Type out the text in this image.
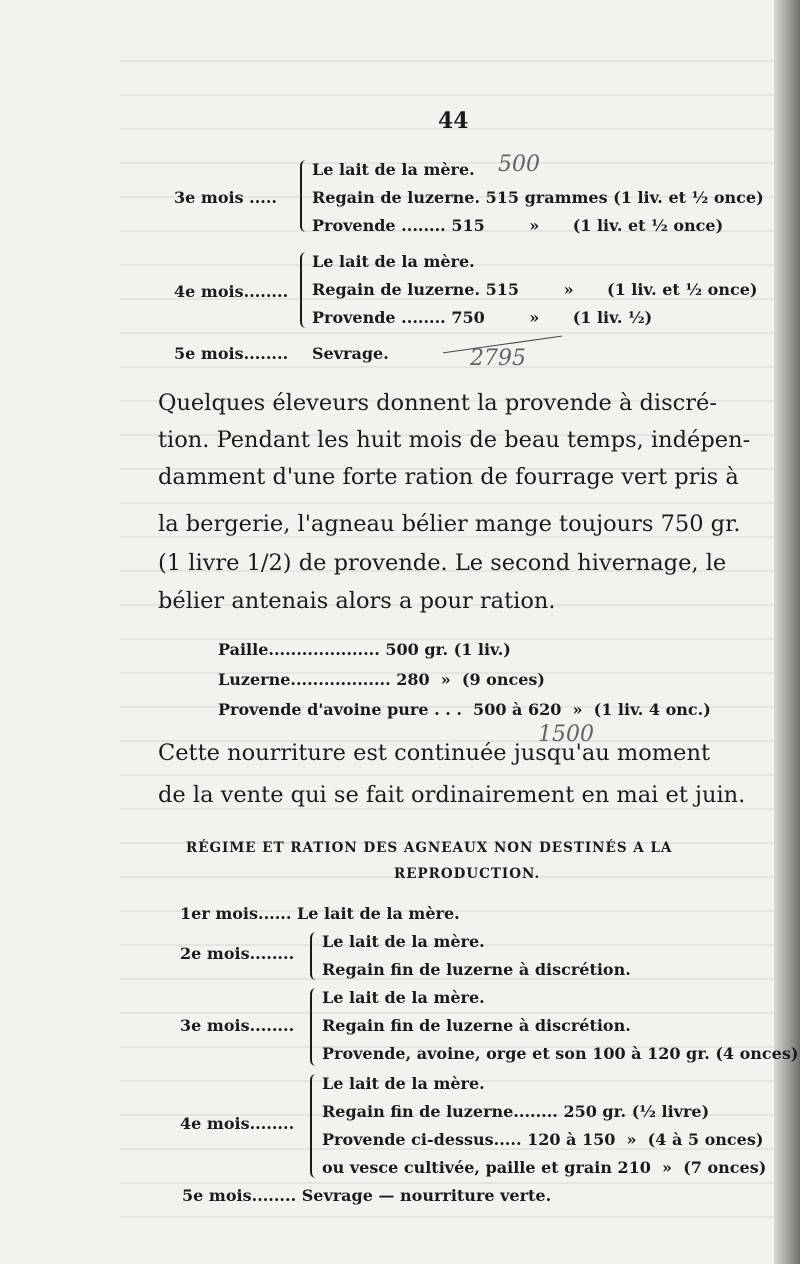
44
3e mois .....
Le lait de la mère.
Regain de luzerne. 515 grammes (1 liv. et ½ once)
Provende ........ 515        »      (1 liv. et ½ once)
4e mois........
Le lait de la mère.
Regain de luzerne. 515        »      (1 liv. et ½ once)
Provende ........ 750        »      (1 liv. ½)
5e mois........ Sevrage.
500
2795
Quelques éleveurs donnent la provende à discré-
tion. Pendant les huit mois de beau temps, indépen-
damment d'une forte ration de fourrage vert pris à
la bergerie, l'agneau bélier mange toujours 750 gr.
(1 livre 1/2) de provende. Le second hivernage, le
bélier antenais alors a pour ration.
Paille.................... 500 gr. (1 liv.)
Luzerne.................. 280  »  (9 onces)
Provende d'avoine pure . . .  500 à 620  »  (1 liv. 4 onc.)
1500
Cette nourriture est continuée jusqu'au moment
de la vente qui se fait ordinairement en mai et juin.
RÉGIME ET RATION DES AGNEAUX NON DESTINÉS A LA
REPRODUCTION.
1er mois...... Le lait de la mère.
2e mois........
Le lait de la mère.
Regain fin de luzerne à discrétion.
3e mois........
Le lait de la mère.
Regain fin de luzerne à discrétion.
Provende, avoine, orge et son 100 à 120 gr. (4 onces)
4e mois........
Le lait de la mère.
Regain fin de luzerne........ 250 gr. (½ livre)
Provende ci-dessus..... 120 à 150  »  (4 à 5 onces)
ou vesce cultivée, paille et grain 210  »  (7 onces)
5e mois........ Sevrage — nourriture verte.
